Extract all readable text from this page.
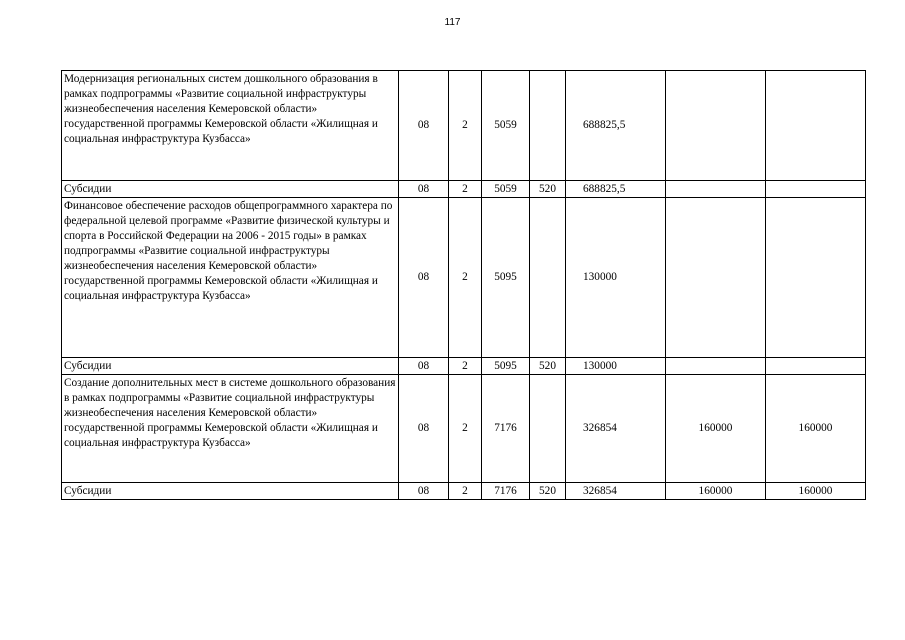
117
Модернизация региональных систем дошкольного образования в рамках подпрограммы «Развитие социальной инфраструктуры жизнеобеспечения населения Кемеровской области» государственной программы Кемеровской области «Жилищная и социальная инфраструктура Кузбасса»	08	2	5059		688825,5		
Субсидии	08	2	5059	520	688825,5		
Финансовое обеспечение расходов общепрограммного характера по федеральной целевой программе «Развитие физической культуры и спорта в Российской Федерации на 2006 - 2015 годы» в рамках подпрограммы «Развитие социальной инфраструктуры жизнеобеспечения населения Кемеровской области» государственной программы Кемеровской области «Жилищная и социальная инфраструктура Кузбасса»	08	2	5095		130000		
Субсидии	08	2	5095	520	130000		
Создание дополнительных мест в системе дошкольного образования в рамках подпрограммы «Развитие социальной инфраструктуры жизнеобеспечения населения Кемеровской области» государственной программы Кемеровской области «Жилищная и социальная инфраструктура Кузбасса»	08	2	7176		326854	160000	160000
Субсидии	08	2	7176	520	326854	160000	160000
